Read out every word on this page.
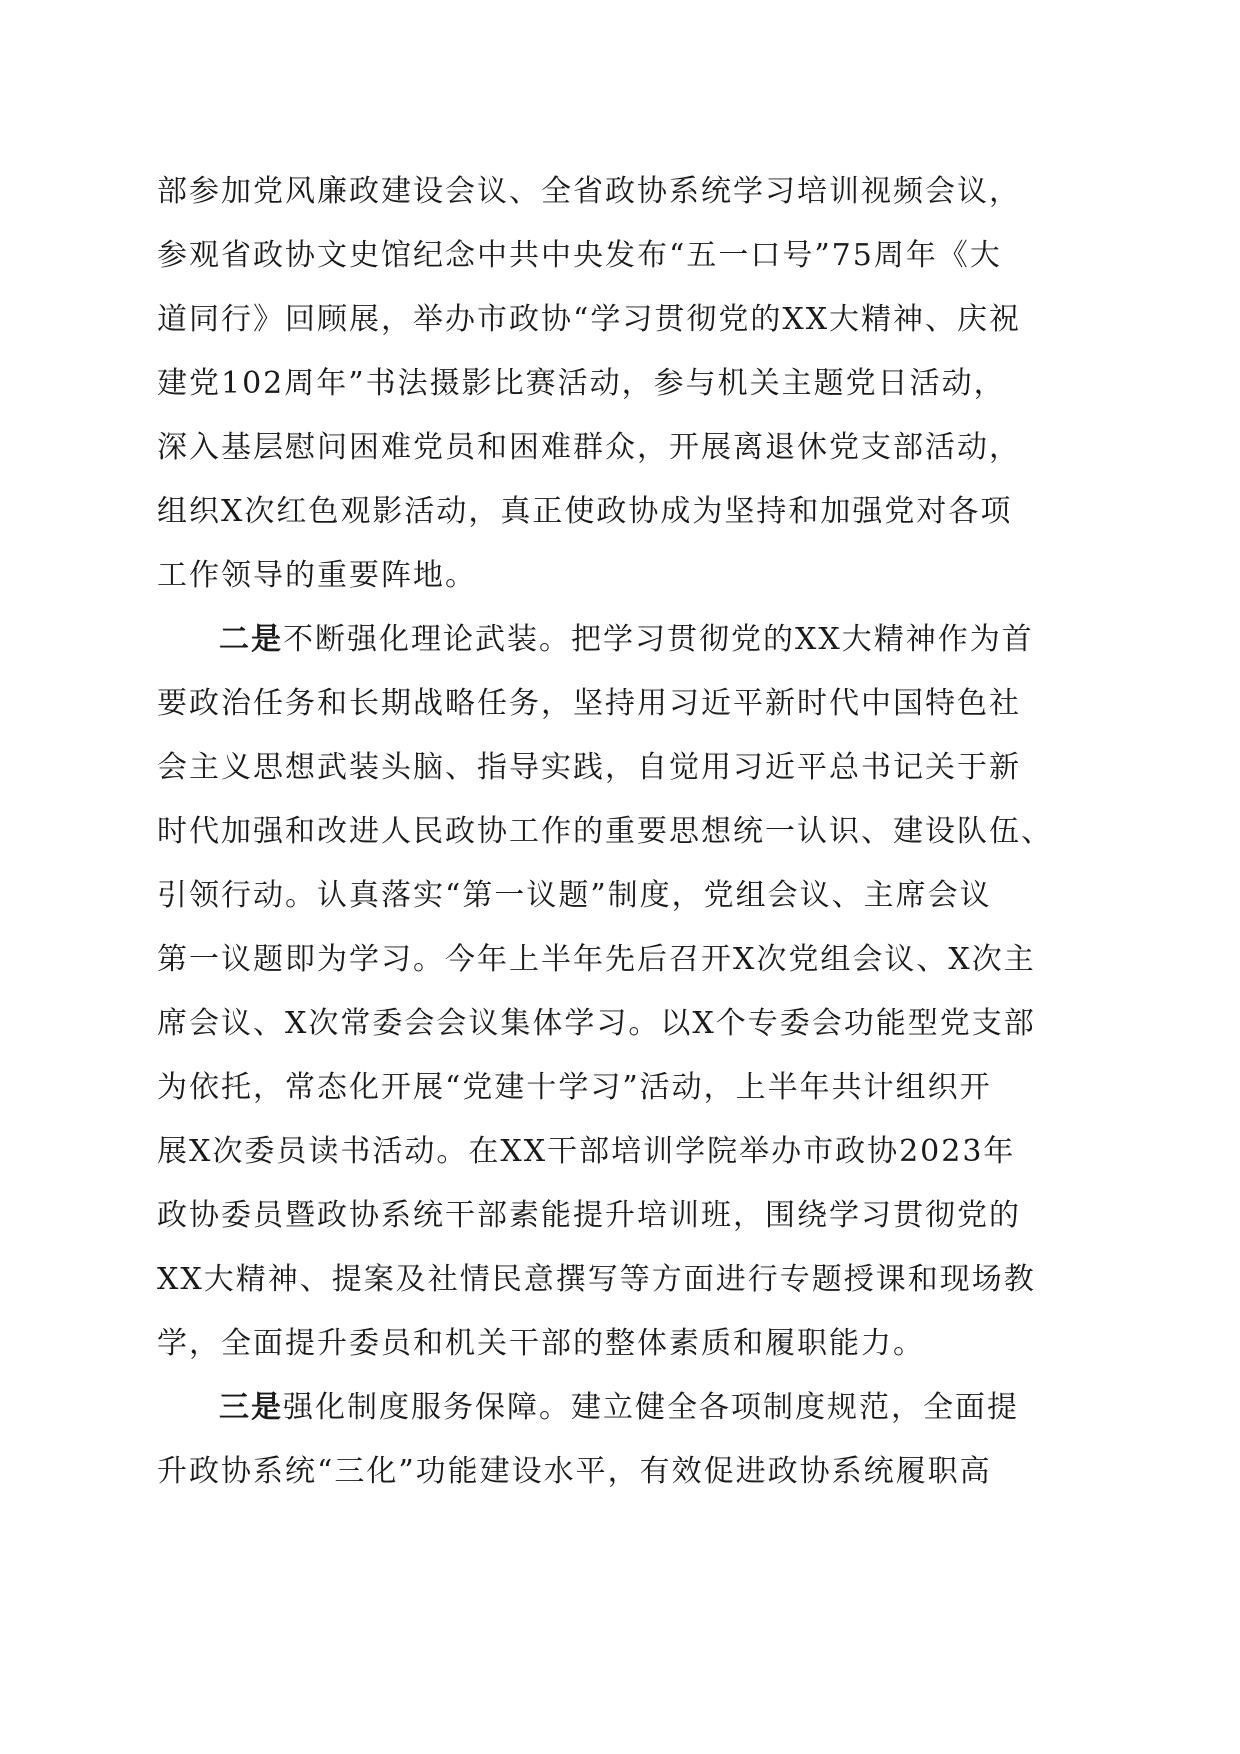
部参加党风廉政建设会议、全省政协系统学习培训视频会议，
参观省政协文史馆纪念中共中央发布“五一口号”75周年《大
道同行》回顾展，举办市政协“学习贯彻党的XX大精神、庆祝
建党102周年”书法摄影比赛活动，参与机关主题党日活动，
深入基层慰问困难党员和困难群众，开展离退休党支部活动，
组织X次红色观影活动，真正使政协成为坚持和加强党对各项
工作领导的重要阵地。
二是不断强化理论武装。把学习贯彻党的XX大精神作为首
要政治任务和长期战略任务，坚持用习近平新时代中国特色社
会主义思想武装头脑、指导实践，自觉用习近平总书记关于新
时代加强和改进人民政协工作的重要思想统一认识、建设队伍、
引领行动。认真落实“第一议题”制度，党组会议、主席会议
第一议题即为学习。今年上半年先后召开X次党组会议、X次主
席会议、X次常委会会议集体学习。以X个专委会功能型党支部
为依托，常态化开展“党建十学习”活动，上半年共计组织开
展X次委员读书活动。在XX干部培训学院举办市政协2023年
政协委员暨政协系统干部素能提升培训班，围绕学习贯彻党的
XX大精神、提案及社情民意撰写等方面进行专题授课和现场教
学，全面提升委员和机关干部的整体素质和履职能力。
三是强化制度服务保障。建立健全各项制度规范，全面提
升政协系统“三化”功能建设水平，有效促进政协系统履职高
